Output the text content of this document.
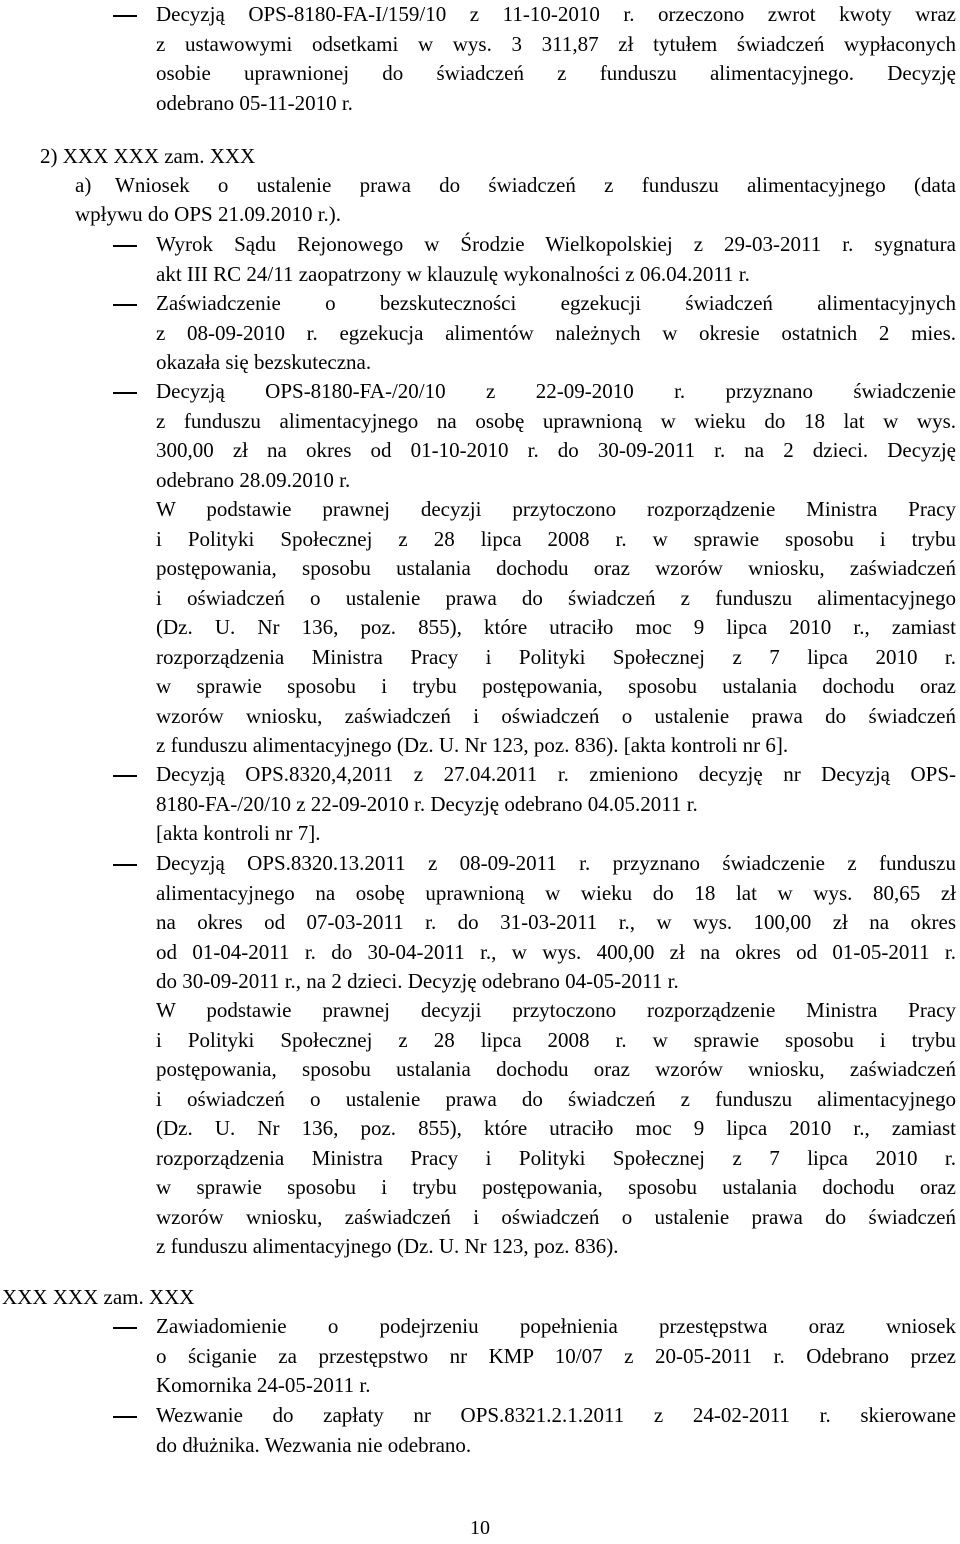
Decyzją OPS-8180-FA-I/159/10 z 11-10-2010 r. orzeczono zwrot kwoty wraz
z ustawowymi odsetkami w wys. 3 311,87 zł tytułem świadczeń wypłaconych
osobie uprawnionej do świadczeń z funduszu alimentacyjnego. Decyzję
odebrano 05-11-2010 r.
2) XXX XXX zam. XXX
a) Wniosek o ustalenie prawa do świadczeń z funduszu alimentacyjnego (data
wpływu do OPS 21.09.2010 r.).
Wyrok Sądu Rejonowego w Środzie Wielkopolskiej z 29-03-2011 r. sygnatura
akt III RC 24/11 zaopatrzony w klauzulę wykonalności z 06.04.2011 r.
Zaświadczenie o bezskuteczności egzekucji świadczeń alimentacyjnych
z 08-09-2010 r. egzekucja alimentów należnych w okresie ostatnich 2 mies.
okazała się bezskuteczna.
Decyzją OPS-8180-FA-/20/10 z 22-09-2010 r. przyznano świadczenie
z funduszu alimentacyjnego na osobę uprawnioną w wieku do 18 lat w wys.
300,00 zł na okres od 01-10-2010 r. do 30-09-2011 r. na 2 dzieci. Decyzję
odebrano 28.09.2010 r.
W podstawie prawnej decyzji przytoczono rozporządzenie Ministra Pracy
i Polityki Społecznej z 28 lipca 2008 r. w sprawie sposobu i trybu
postępowania, sposobu ustalania dochodu oraz wzorów wniosku, zaświadczeń
i oświadczeń o ustalenie prawa do świadczeń z funduszu alimentacyjnego
(Dz. U. Nr 136, poz. 855), które utraciło moc 9 lipca 2010 r., zamiast
rozporządzenia Ministra Pracy i Polityki Społecznej z 7 lipca 2010 r.
w sprawie sposobu i trybu postępowania, sposobu ustalania dochodu oraz
wzorów wniosku, zaświadczeń i oświadczeń o ustalenie prawa do świadczeń
z funduszu alimentacyjnego (Dz. U. Nr 123, poz. 836). [akta kontroli nr 6].
Decyzją OPS.8320,4,2011 z 27.04.2011 r. zmieniono decyzję nr Decyzją OPS-
8180-FA-/20/10 z 22-09-2010 r. Decyzję odebrano 04.05.2011 r.
[akta kontroli nr 7].
Decyzją OPS.8320.13.2011 z 08-09-2011 r. przyznano świadczenie z funduszu
alimentacyjnego na osobę uprawnioną w wieku do 18 lat w wys. 80,65 zł
na okres od 07-03-2011 r. do 31-03-2011 r., w wys. 100,00 zł na okres
od 01-04-2011 r. do 30-04-2011 r., w wys. 400,00 zł na okres od 01-05-2011 r.
do 30-09-2011 r., na 2 dzieci. Decyzję odebrano 04-05-2011 r.
W podstawie prawnej decyzji przytoczono rozporządzenie Ministra Pracy
i Polityki Społecznej z 28 lipca 2008 r. w sprawie sposobu i trybu
postępowania, sposobu ustalania dochodu oraz wzorów wniosku, zaświadczeń
i oświadczeń o ustalenie prawa do świadczeń z funduszu alimentacyjnego
(Dz. U. Nr 136, poz. 855), które utraciło moc 9 lipca 2010 r., zamiast
rozporządzenia Ministra Pracy i Polityki Społecznej z 7 lipca 2010 r.
w sprawie sposobu i trybu postępowania, sposobu ustalania dochodu oraz
wzorów wniosku, zaświadczeń i oświadczeń o ustalenie prawa do świadczeń
z funduszu alimentacyjnego (Dz. U. Nr 123, poz. 836).
XXX XXX zam. XXX
Zawiadomienie o podejrzeniu popełnienia przestępstwa oraz wniosek
o ściganie za przestępstwo nr KMP 10/07 z 20-05-2011 r. Odebrano przez
Komornika 24-05-2011 r.
Wezwanie do zapłaty nr OPS.8321.2.1.2011 z 24-02-2011 r. skierowane
do dłużnika. Wezwania nie odebrano.
10
